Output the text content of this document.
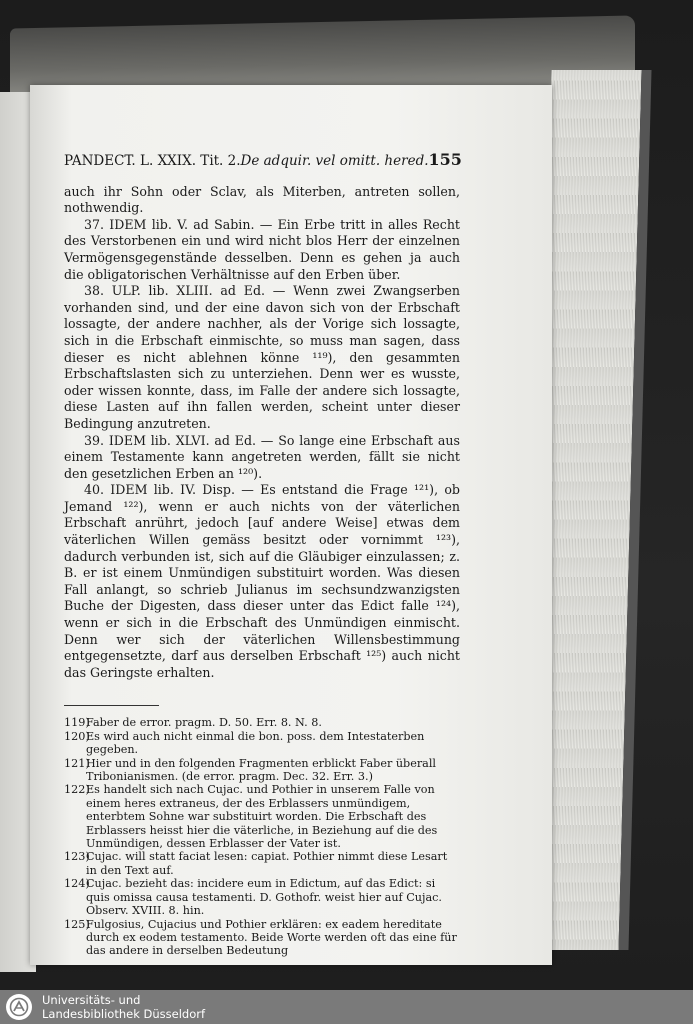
PANDECT. L. XXIX. Tit. 2. De adquir. vel omitt. hered. 155

auch ihr Sohn oder Sclav, als Miterben, antreten sollen, nothwendig.

37. IDEM lib. V. ad Sabin. — Ein Erbe tritt in alles Recht des Verstorbenen ein und wird nicht blos Herr der einzelnen Vermögensgegenstände desselben. Denn es gehen ja auch die obligatorischen Verhältnisse auf den Erben über.

38. ULP. lib. XLIII. ad Ed. — Wenn zwei Zwangserben vorhanden sind, und der eine davon sich von der Erbschaft lossagte, der andere nachher, als der Vorige sich lossagte, sich in die Erbschaft einmischte, so muss man sagen, dass dieser es nicht ablehnen könne ¹¹⁹), den gesammten Erbschaftslasten sich zu unterziehen. Denn wer es wusste, oder wissen konnte, dass, im Falle der andere sich lossagte, diese Lasten auf ihn fallen werden, scheint unter dieser Bedingung anzutreten.

39. IDEM lib. XLVI. ad Ed. — So lange eine Erbschaft aus einem Testamente kann angetreten werden, fällt sie nicht den gesetzlichen Erben an ¹²⁰).

40. IDEM lib. IV. Disp. — Es entstand die Frage ¹²¹), ob Jemand ¹²²), wenn er auch nichts von der väterlichen Erbschaft anrührt, jedoch [auf andere Weise] etwas dem väterlichen Willen gemäss besitzt oder vornimmt ¹²³), dadurch verbunden ist, sich auf die Gläubiger einzulassen; z. B. er ist einem Unmündigen substituirt worden. Was diesen Fall anlangt, so schrieb Julianus im sechsundzwanzigsten Buche der Digesten, dass dieser unter das Edict falle ¹²⁴), wenn er sich in die Erbschaft des Unmündigen einmischt. Denn wer sich der väterlichen Willensbestimmung entgegensetzte, darf aus derselben Erbschaft ¹²⁵) auch nicht das Geringste erhalten.

119)
Faber de error. pragm. D. 50. Err. 8. N. 8.
120)
Es wird auch nicht einmal die bon. poss. dem Intestaterben gegeben.
121)
Hier und in den folgenden Fragmenten erblickt Faber überall Tribonianismen. (de error. pragm. Dec. 32. Err. 3.)
122)
Es handelt sich nach Cujac. und Pothier in unserem Falle von einem heres extraneus, der des Erblassers unmündigem, enterbtem Sohne war substituirt worden. Die Erbschaft des Erblassers heisst hier die väterliche, in Beziehung auf die des Unmündigen, dessen Erblasser der Vater ist.
123)
Cujac. will statt faciat lesen: capiat. Pothier nimmt diese Lesart in den Text auf.
124)
Cujac. bezieht das: incidere eum in Edictum, auf das Edict: si quis omissa causa testamenti. D. Gothofr. weist hier auf Cujac. Observ. XVIII. 8. hin.
125)
Fulgosius, Cujacius und Pothier erklären: ex eadem hereditate durch ex eodem testamento. Beide Worte werden oft das eine für das andere in derselben Bedeutung
Universitäts- und
Landesbibliothek Düsseldorf
